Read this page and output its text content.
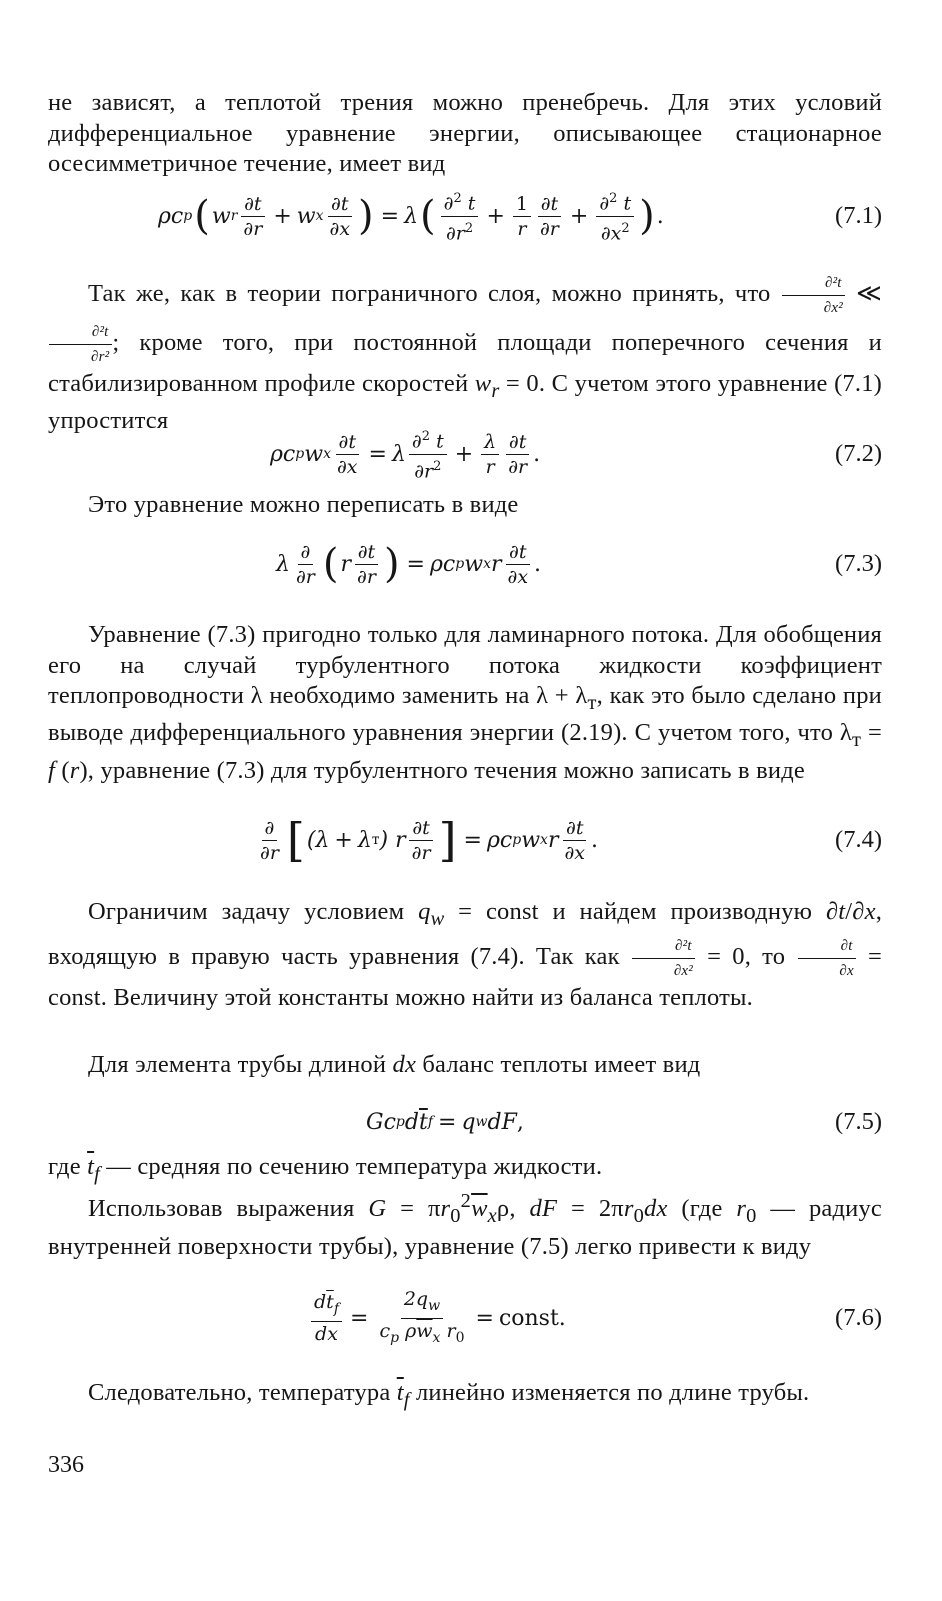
не зависят, а теплотой трения можно пренебречь. Для этих условий дифференциальное уравнение энергии, описывающее стационарное осесимметричное течение, имеет вид
ρc p ( w r
∂t
∂r + w x
∂t
∂x ) = λ ( ∂$^2$ t
$\partial r^2 + \frac{1}{r} \partial t$
$\partial r + \frac{\partial^2 t}{\partial x^2}$ ) .	(7.1)
Так же, как в теории пограничного слоя, можно принять, что $\frac{\text{∂²t}}{\text{∂x²}}$ ≪
$\frac{\text{∂²t}}{\text{∂r²}}$ ; кроме того, при постоянной площади поперечного сечения и стабилизированном профиле скоростей $w_r = 0$. С учетом этого уравнение (7.1) упростится
ρc p w x $\frac{\partial t}{\partial x} = \lambda \frac{\partial^2 t}{\partial r^2} + \frac{\lambda}{r} \partial t$
∂r .	(7.2)
Это уравнение можно переписать в виде
λ ∂
∂r ( r ∂t
∂r ) = ρc p w x r ∂t
∂x .	(7.3)
Уравнение (7.3) пригодно только для ламинарного потока. Для обобщения его на случай турбулентного потока жидкости коэффициент теплопроводности λ необходимо заменить на $\lambda + \lambda_т$, как это было сделано при выводе дифференциального уравнения энергии (2.19). С учетом того, что $\lambda_т = f$ (r), уравнение (7.3) для турбулентного течения можно записать в виде
∂
∂r [ (λ + λ т ) r ∂t
∂r ] = ρc p w x r ∂t
∂x .	(7.4)
Ограничим задачу условием $q_w$ = const и найдем производную ∂t/∂x, входящую в правую часть уравнения (7.4). Так как $\frac{\text{∂²t}}{\text{∂x²}} = 0$, то $\frac{\partial t}{\partial x}$ = const. Величину этой константы можно найти из баланса теплоты.
Для элемента трубы длиной dx баланс теплоты имеет вид
Gc p d $\overline{t}$ f = q w dF ,	(7.5)
где $\overline{t}_f$ — средняя по сечению температура жидкости.
Использовав выражения $G = \pi r_0^2\overline{w}_x\rho$, dF = $2\pi r_0dx$ (где $r_0$ — радиус внутренней поверхности трубы), уравнение (7.5) легко привести к виду
$d\overline{t}_f$
dx
=
$2q_w$
$c_p$ $\rho\overline{w}_x$ $r_0$
= const.	(7.6)
Следовательно, температура $\overline{t}_f$ линейно изменяется по длине трубы.
336
